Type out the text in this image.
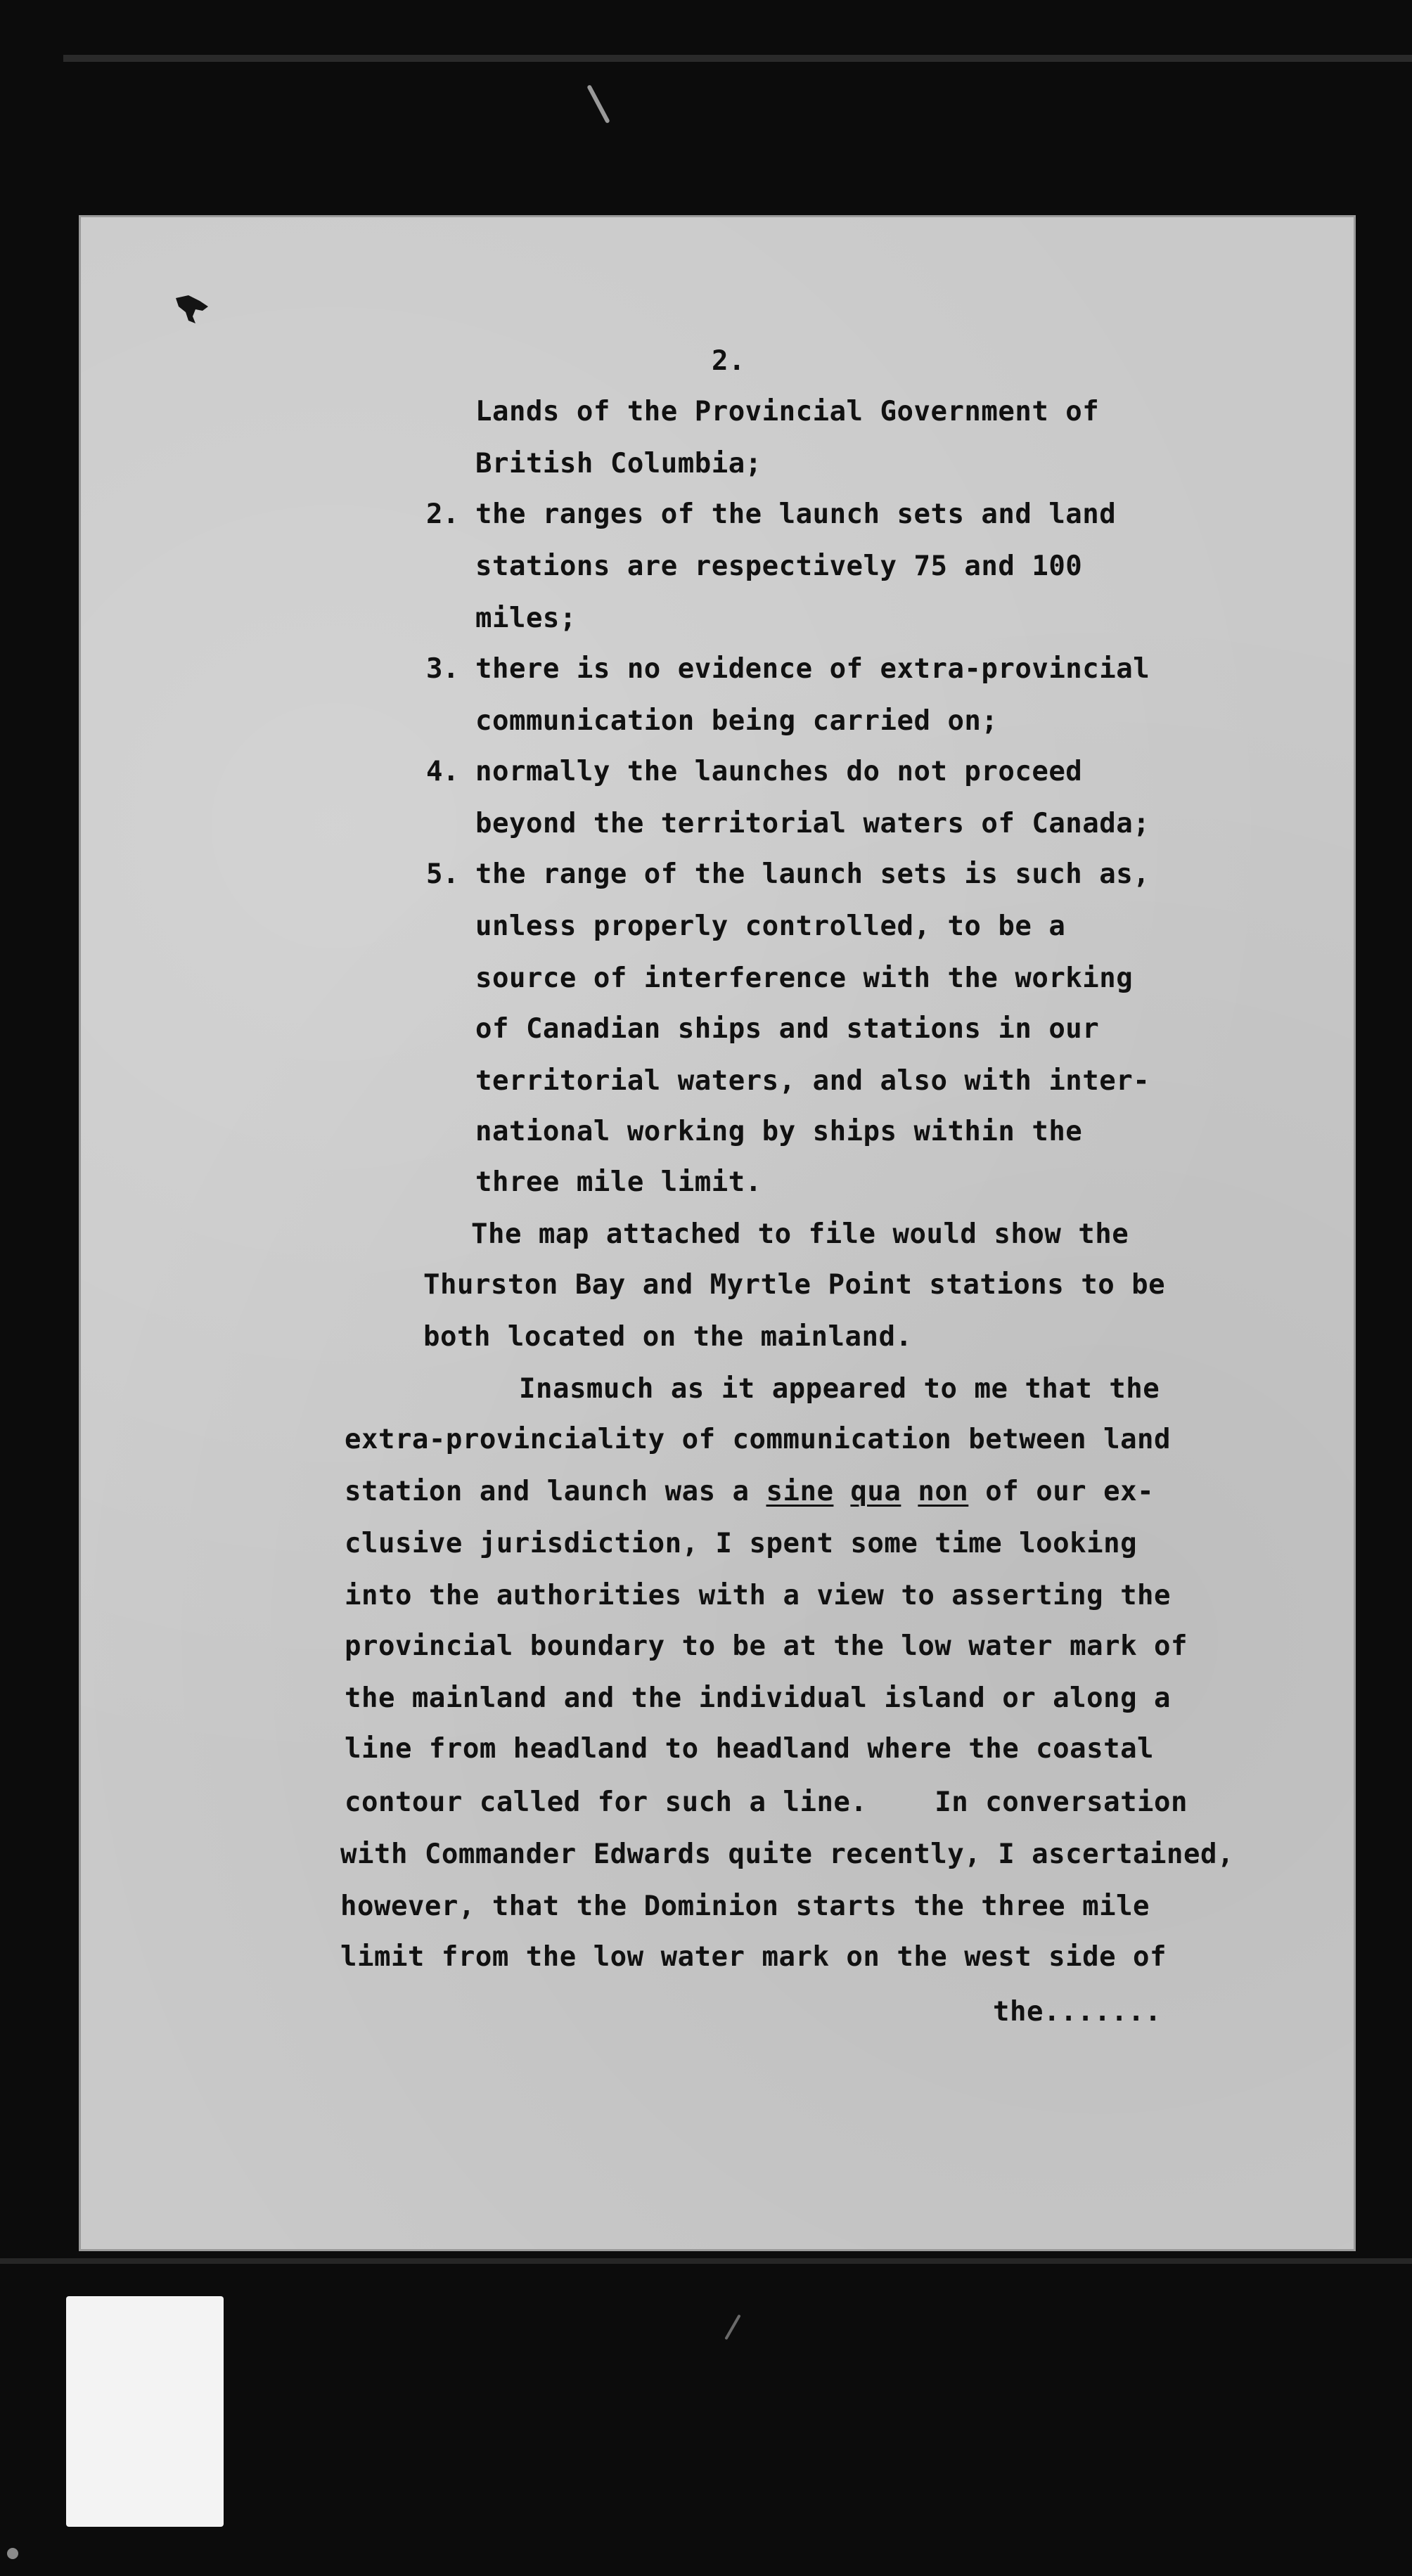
2.

Lands of the Provincial Government of

British Columbia;

2. the ranges of the launch sets and land

stations are respectively 75 and 100

miles;

3. there is no evidence of extra-provincial

communication being carried on;

4. normally the launches do not proceed

beyond the territorial waters of Canada;

5. the range of the launch sets is such as,

unless properly controlled, to be a

source of interference with the working

of Canadian ships and stations in our

territorial waters, and also with inter-

national working by ships within the

three mile limit.

The map attached to file would show the

Thurston Bay and Myrtle Point stations to be

both located on the mainland.

Inasmuch as it appeared to me that the

extra-provinciality of communication between land

station and launch was a sine qua non of our ex-

clusive jurisdiction, I spent some time looking

into the authorities with a view to asserting the

provincial boundary to be at the low water mark of

the mainland and the individual island or along a

line from headland to headland where the coastal

contour called for such a line.    In conversation

with Commander Edwards quite recently, I ascertained,

however, that the Dominion starts the three mile

limit from the low water mark on the west side of

the.......
